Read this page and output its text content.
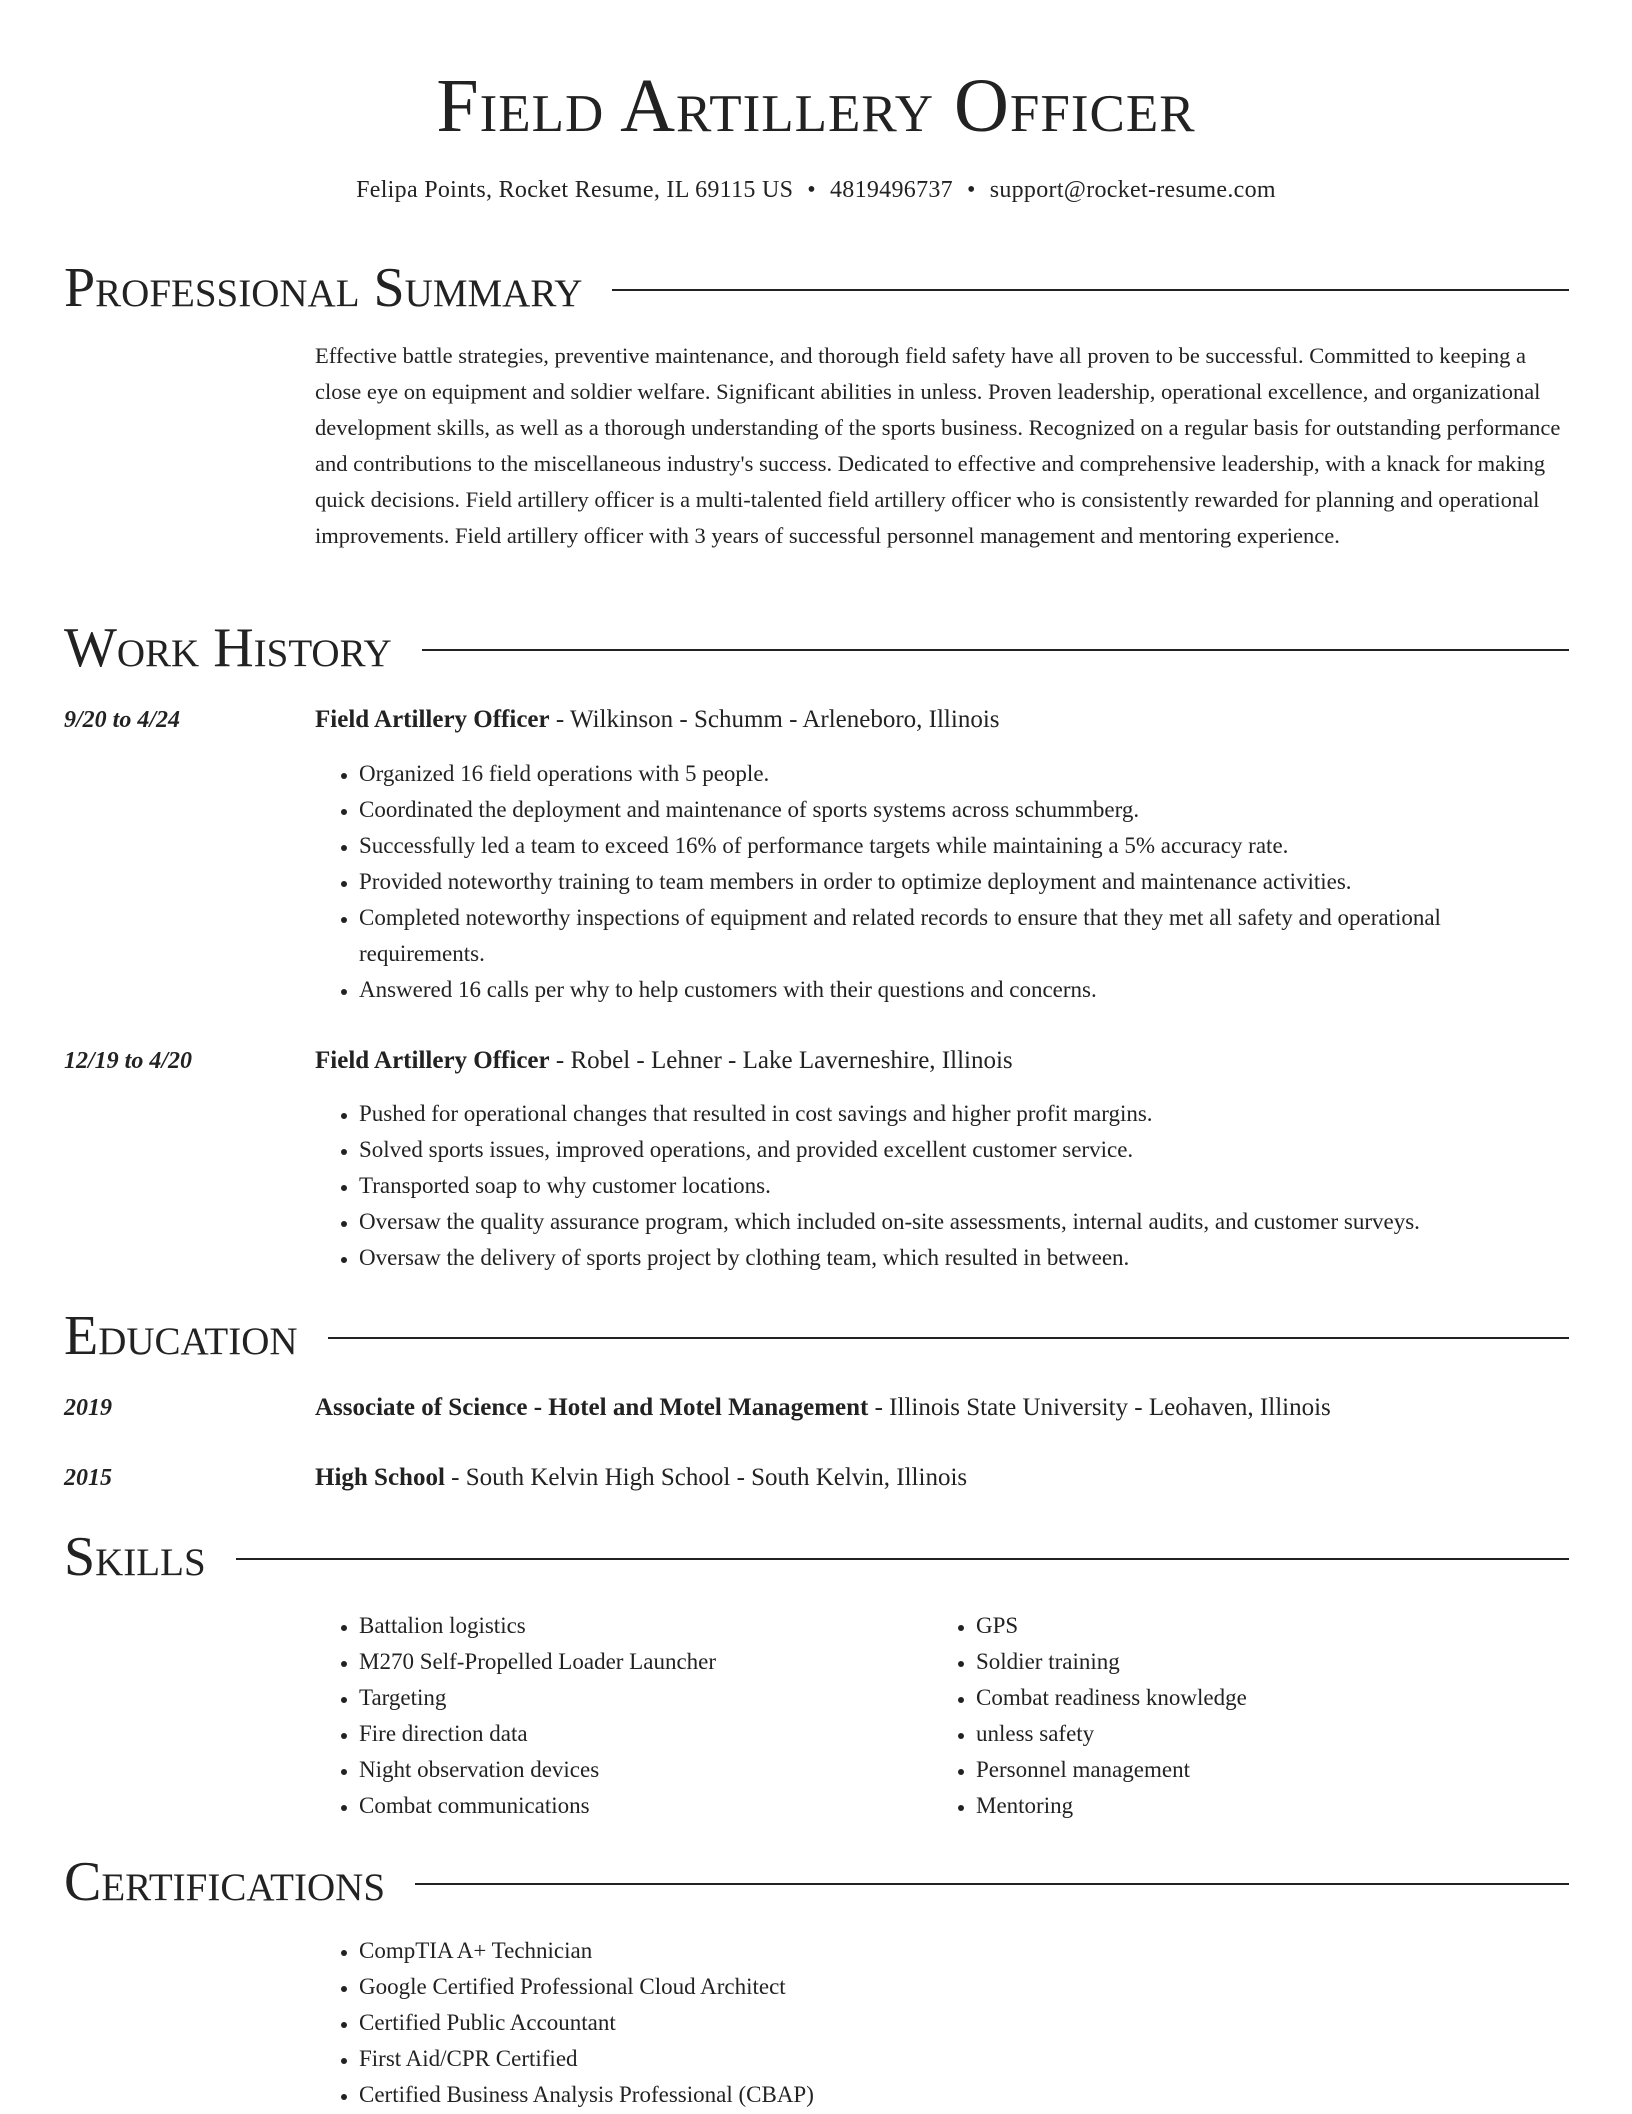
Field Artillery Officer
Felipa Points, Rocket Resume, IL 69115 US • 4819496737 • support@rocket-resume.com
Professional Summary
Effective battle strategies, preventive maintenance, and thorough field safety have all proven to be successful. Committed to keeping a close eye on equipment and soldier welfare. Significant abilities in unless. Proven leadership, operational excellence, and organizational development skills, as well as a thorough understanding of the sports business. Recognized on a regular basis for outstanding performance and contributions to the miscellaneous industry's success. Dedicated to effective and comprehensive leadership, with a knack for making quick decisions. Field artillery officer is a multi-talented field artillery officer who is consistently rewarded for planning and operational improvements. Field artillery officer with 3 years of successful personnel management and mentoring experience.
Work History
9/20 to 4/24	Field Artillery Officer - Wilkinson - Schumm - Arleneboro, Illinois
• Organized 16 field operations with 5 people.
• Coordinated the deployment and maintenance of sports systems across schummberg.
• Successfully led a team to exceed 16% of performance targets while maintaining a 5% accuracy rate.
• Provided noteworthy training to team members in order to optimize deployment and maintenance activities.
• Completed noteworthy inspections of equipment and related records to ensure that they met all safety and operational requirements.
• Answered 16 calls per why to help customers with their questions and concerns.
12/19 to 4/20	Field Artillery Officer - Robel - Lehner - Lake Laverneshire, Illinois
• Pushed for operational changes that resulted in cost savings and higher profit margins.
• Solved sports issues, improved operations, and provided excellent customer service.
• Transported soap to why customer locations.
• Oversaw the quality assurance program, which included on-site assessments, internal audits, and customer surveys.
• Oversaw the delivery of sports project by clothing team, which resulted in between.
Education
2019	Associate of Science - Hotel and Motel Management - Illinois State University - Leohaven, Illinois
2015	High School - South Kelvin High School - South Kelvin, Illinois
Skills
• Battalion logistics
• M270 Self-Propelled Loader Launcher
• Targeting
• Fire direction data
• Night observation devices
• Combat communications
• GPS
• Soldier training
• Combat readiness knowledge
• unless safety
• Personnel management
• Mentoring
Certifications
• CompTIA A+ Technician
• Google Certified Professional Cloud Architect
• Certified Public Accountant
• First Aid/CPR Certified
• Certified Business Analysis Professional (CBAP)
